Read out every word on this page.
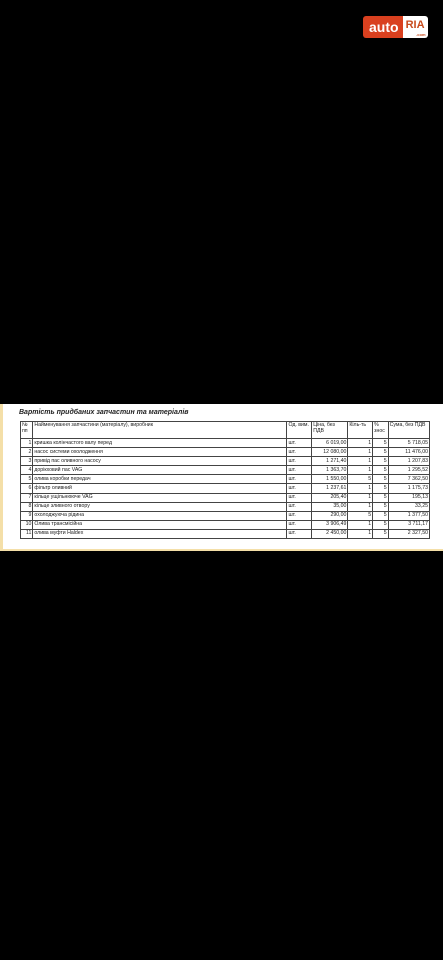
auto RIA
.com
Вартість придбаних запчастин та матеріалів
№ пп	Найменування запчастини (матеріалу), виробник	Од. вим.	Ціна, без ПДВ	Кіль-ть	% знос	Сума, без ПДВ
1	кришка колінчастого валу перед	шт.	6 019,00	1	5	5 718,05
2	насос системи охолодження	шт.	12 080,00	1	5	11 476,00
3	привід пас оливного насосу	шт.	1 271,40	1	5	1 207,83
4	дорікховий пас VAG	шт.	1 363,70	1	5	1 295,52
5	олива коробки передач	шт.	1 550,00	5	5	7 362,50
6	фільтр оливний	шт.	1 237,61	1	5	1 175,73
7	кільце ущільнююче VAG	шт.	205,40	1	5	195,13
8	кільце зливного отвору	шт.	35,00	1	5	33,25
9	охолоджуюча рідина	шт.	290,00	5	5	1 377,50
10	Олива трансмісійна	шт.	3 906,49	1	5	3 711,17
11	олива муфти Haldex	шт.	2 450,00	1	5	2 327,50
